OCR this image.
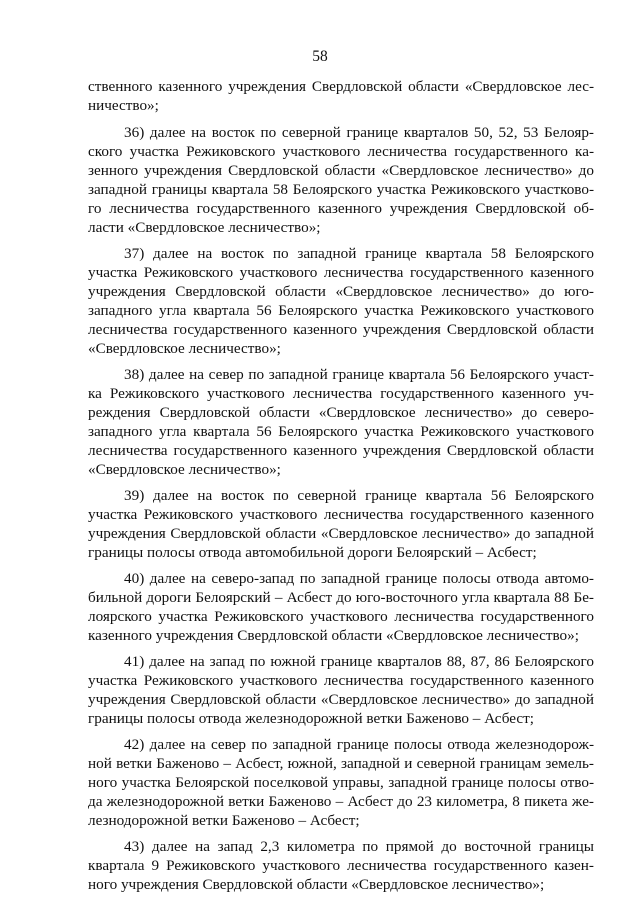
58
ственного казенного учреждения Свердловской области «Свердловское лес-
ничество»;
36) далее на восток по северной границе кварталов 50, 52, 53 Белояр-
ского участка Режиковского участкового лесничества государственного ка-
зенного учреждения Свердловской области «Свердловское лесничество» до
западной границы квартала 58 Белоярского участка Режиковского участково-
го лесничества государственного казенного учреждения Свердловской об-
ласти «Свердловское лесничество»;
37) далее на восток по западной границе квартала 58 Белоярского
участка Режиковского участкового лесничества государственного казенного
учреждения Свердловской области «Свердловское лесничество» до юго-
западного угла квартала 56 Белоярского участка Режиковского участкового
лесничества государственного казенного учреждения Свердловской области
«Свердловское лесничество»;
38) далее на север по западной границе квартала 56 Белоярского участ-
ка Режиковского участкового лесничества государственного казенного уч-
реждения Свердловской области «Свердловское лесничество» до северо-
западного угла квартала 56 Белоярского участка Режиковского участкового
лесничества государственного казенного учреждения Свердловской области
«Свердловское лесничество»;
39) далее на восток по северной границе квартала 56 Белоярского
участка Режиковского участкового лесничества государственного казенного
учреждения Свердловской области «Свердловское лесничество» до западной
границы полосы отвода автомобильной дороги Белоярский – Асбест;
40) далее на северо-запад по западной границе полосы отвода автомо-
бильной дороги Белоярский – Асбест до юго-восточного угла квартала 88 Бе-
лоярского участка Режиковского участкового лесничества государственного
казенного учреждения Свердловской области «Свердловское лесничество»;
41) далее на запад по южной границе кварталов 88, 87, 86 Белоярского
участка Режиковского участкового лесничества государственного казенного
учреждения Свердловской области «Свердловское лесничество» до западной
границы полосы отвода железнодорожной ветки Баженово – Асбест;
42) далее на север по западной границе полосы отвода железнодорож-
ной ветки Баженово – Асбест, южной, западной и северной границам земель-
ного участка Белоярской поселковой управы, западной границе полосы отво-
да железнодорожной ветки Баженово – Асбест до 23 километра, 8 пикета же-
лезнодорожной ветки Баженово – Асбест;
43) далее на запад 2,3 километра по прямой до восточной границы
квартала 9 Режиковского участкового лесничества государственного казен-
ного учреждения Свердловской области «Свердловское лесничество»;
